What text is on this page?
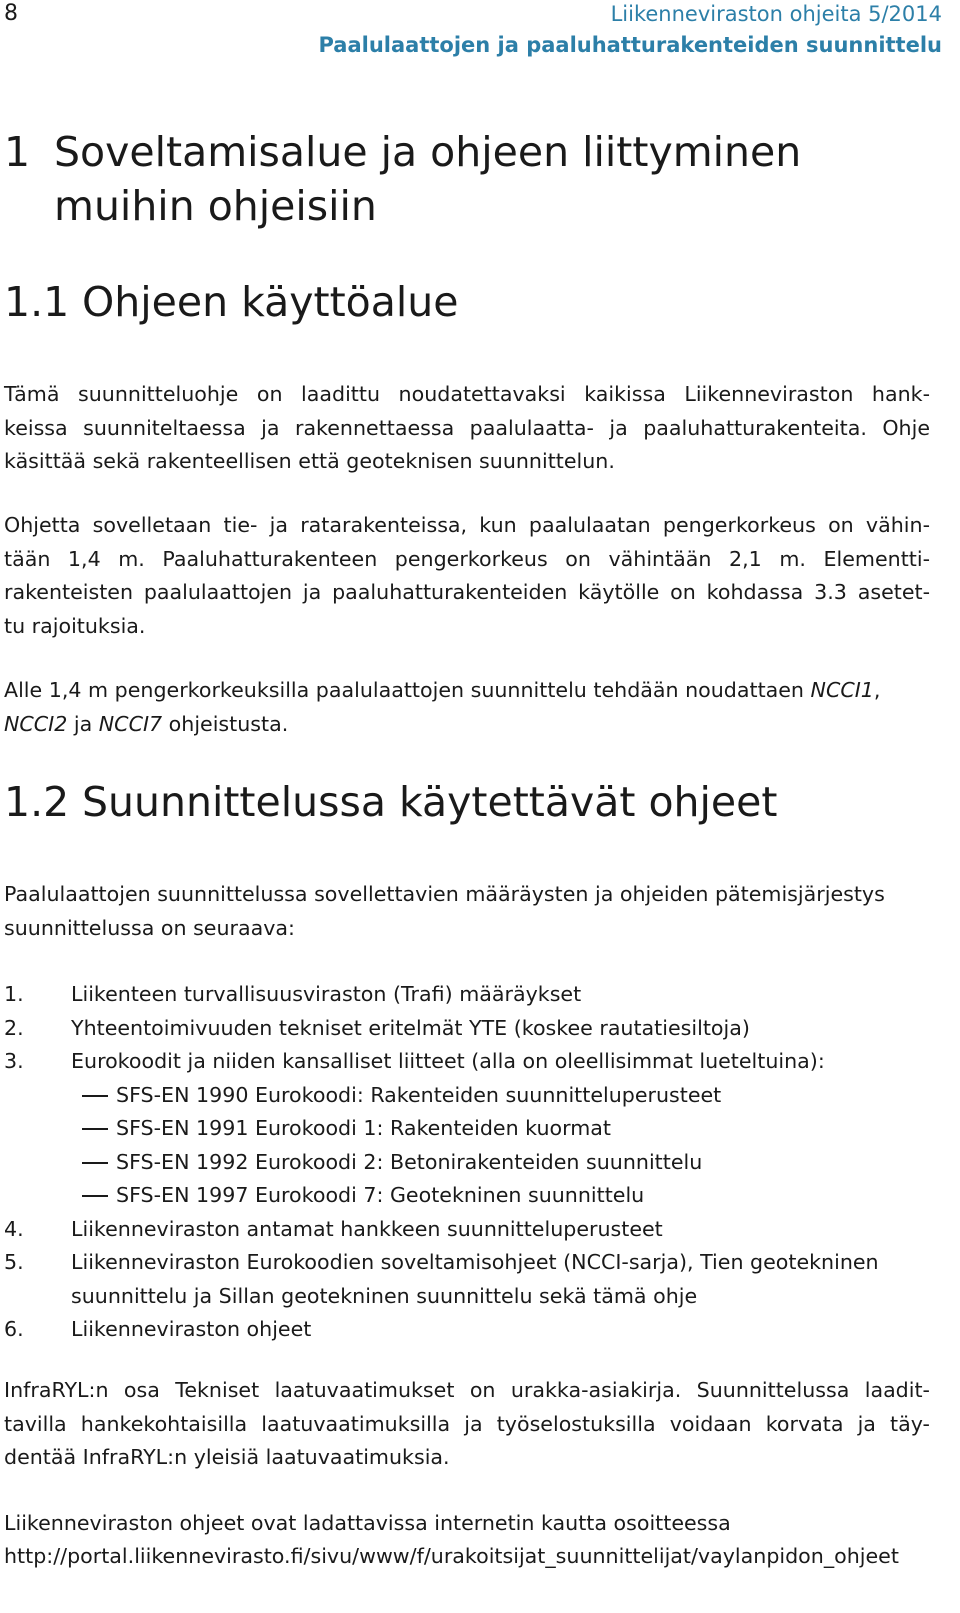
8	Liikenneviraston ohjeita 5/2014
Paalulaattojen ja paaluhatturakenteiden suunnittelu
1 Soveltamisalue ja ohjeen liittyminen
muihin ohjeisiin
1.1 Ohjeen käyttöalue
Tämä suunnitteluohje on laadittu noudatettavaksi kaikissa Liikenneviraston hank-
keissa suunniteltaessa ja rakennettaessa paalulaatta- ja paaluhatturakenteita. Ohje
käsittää sekä rakenteellisen että geoteknisen suunnittelun.
Ohjetta sovelletaan tie- ja ratarakenteissa, kun paalulaatan pengerkorkeus on vähin-
tään 1,4 m. Paaluhatturakenteen pengerkorkeus on vähintään 2,1 m. Elementti-
rakenteisten paalulaattojen ja paaluhatturakenteiden käytölle on kohdassa 3.3 asetet-
tu rajoituksia.
Alle 1,4 m pengerkorkeuksilla paalulaattojen suunnittelu tehdään noudattaen NCCI1,
NCCI2 ja NCCI7 ohjeistusta.
1.2 Suunnittelussa käytettävät ohjeet
Paalulaattojen suunnittelussa sovellettavien määräysten ja ohjeiden pätemisjärjestys
suunnittelussa on seuraava:
1. Liikenteen turvallisuusviraston (Trafi) määräykset
2. Yhteentoimivuuden tekniset eritelmät YTE (koskee rautatiesiltoja)
3. Eurokoodit ja niiden kansalliset liitteet (alla on oleellisimmat lueteltuina):
SFS-EN 1990 Eurokoodi: Rakenteiden suunnitteluperusteet
SFS-EN 1991 Eurokoodi 1: Rakenteiden kuormat
SFS-EN 1992 Eurokoodi 2: Betonirakenteiden suunnittelu
SFS-EN 1997 Eurokoodi 7: Geotekninen suunnittelu
4. Liikenneviraston antamat hankkeen suunnitteluperusteet
5. Liikenneviraston Eurokoodien soveltamisohjeet (NCCI-sarja), Tien geotekninen
suunnittelu ja Sillan geotekninen suunnittelu sekä tämä ohje
6. Liikenneviraston ohjeet
InfraRYL:n osa Tekniset laatuvaatimukset on urakka-asiakirja. Suunnittelussa laadit-
tavilla hankekohtaisilla laatuvaatimuksilla ja työselostuksilla voidaan korvata ja täy-
dentää InfraRYL:n yleisiä laatuvaatimuksia.
Liikenneviraston ohjeet ovat ladattavissa internetin kautta osoitteessa
http://portal.liikennevirasto.fi/sivu/www/f/urakoitsijat_suunnittelijat/vaylanpidon_ohjeet
